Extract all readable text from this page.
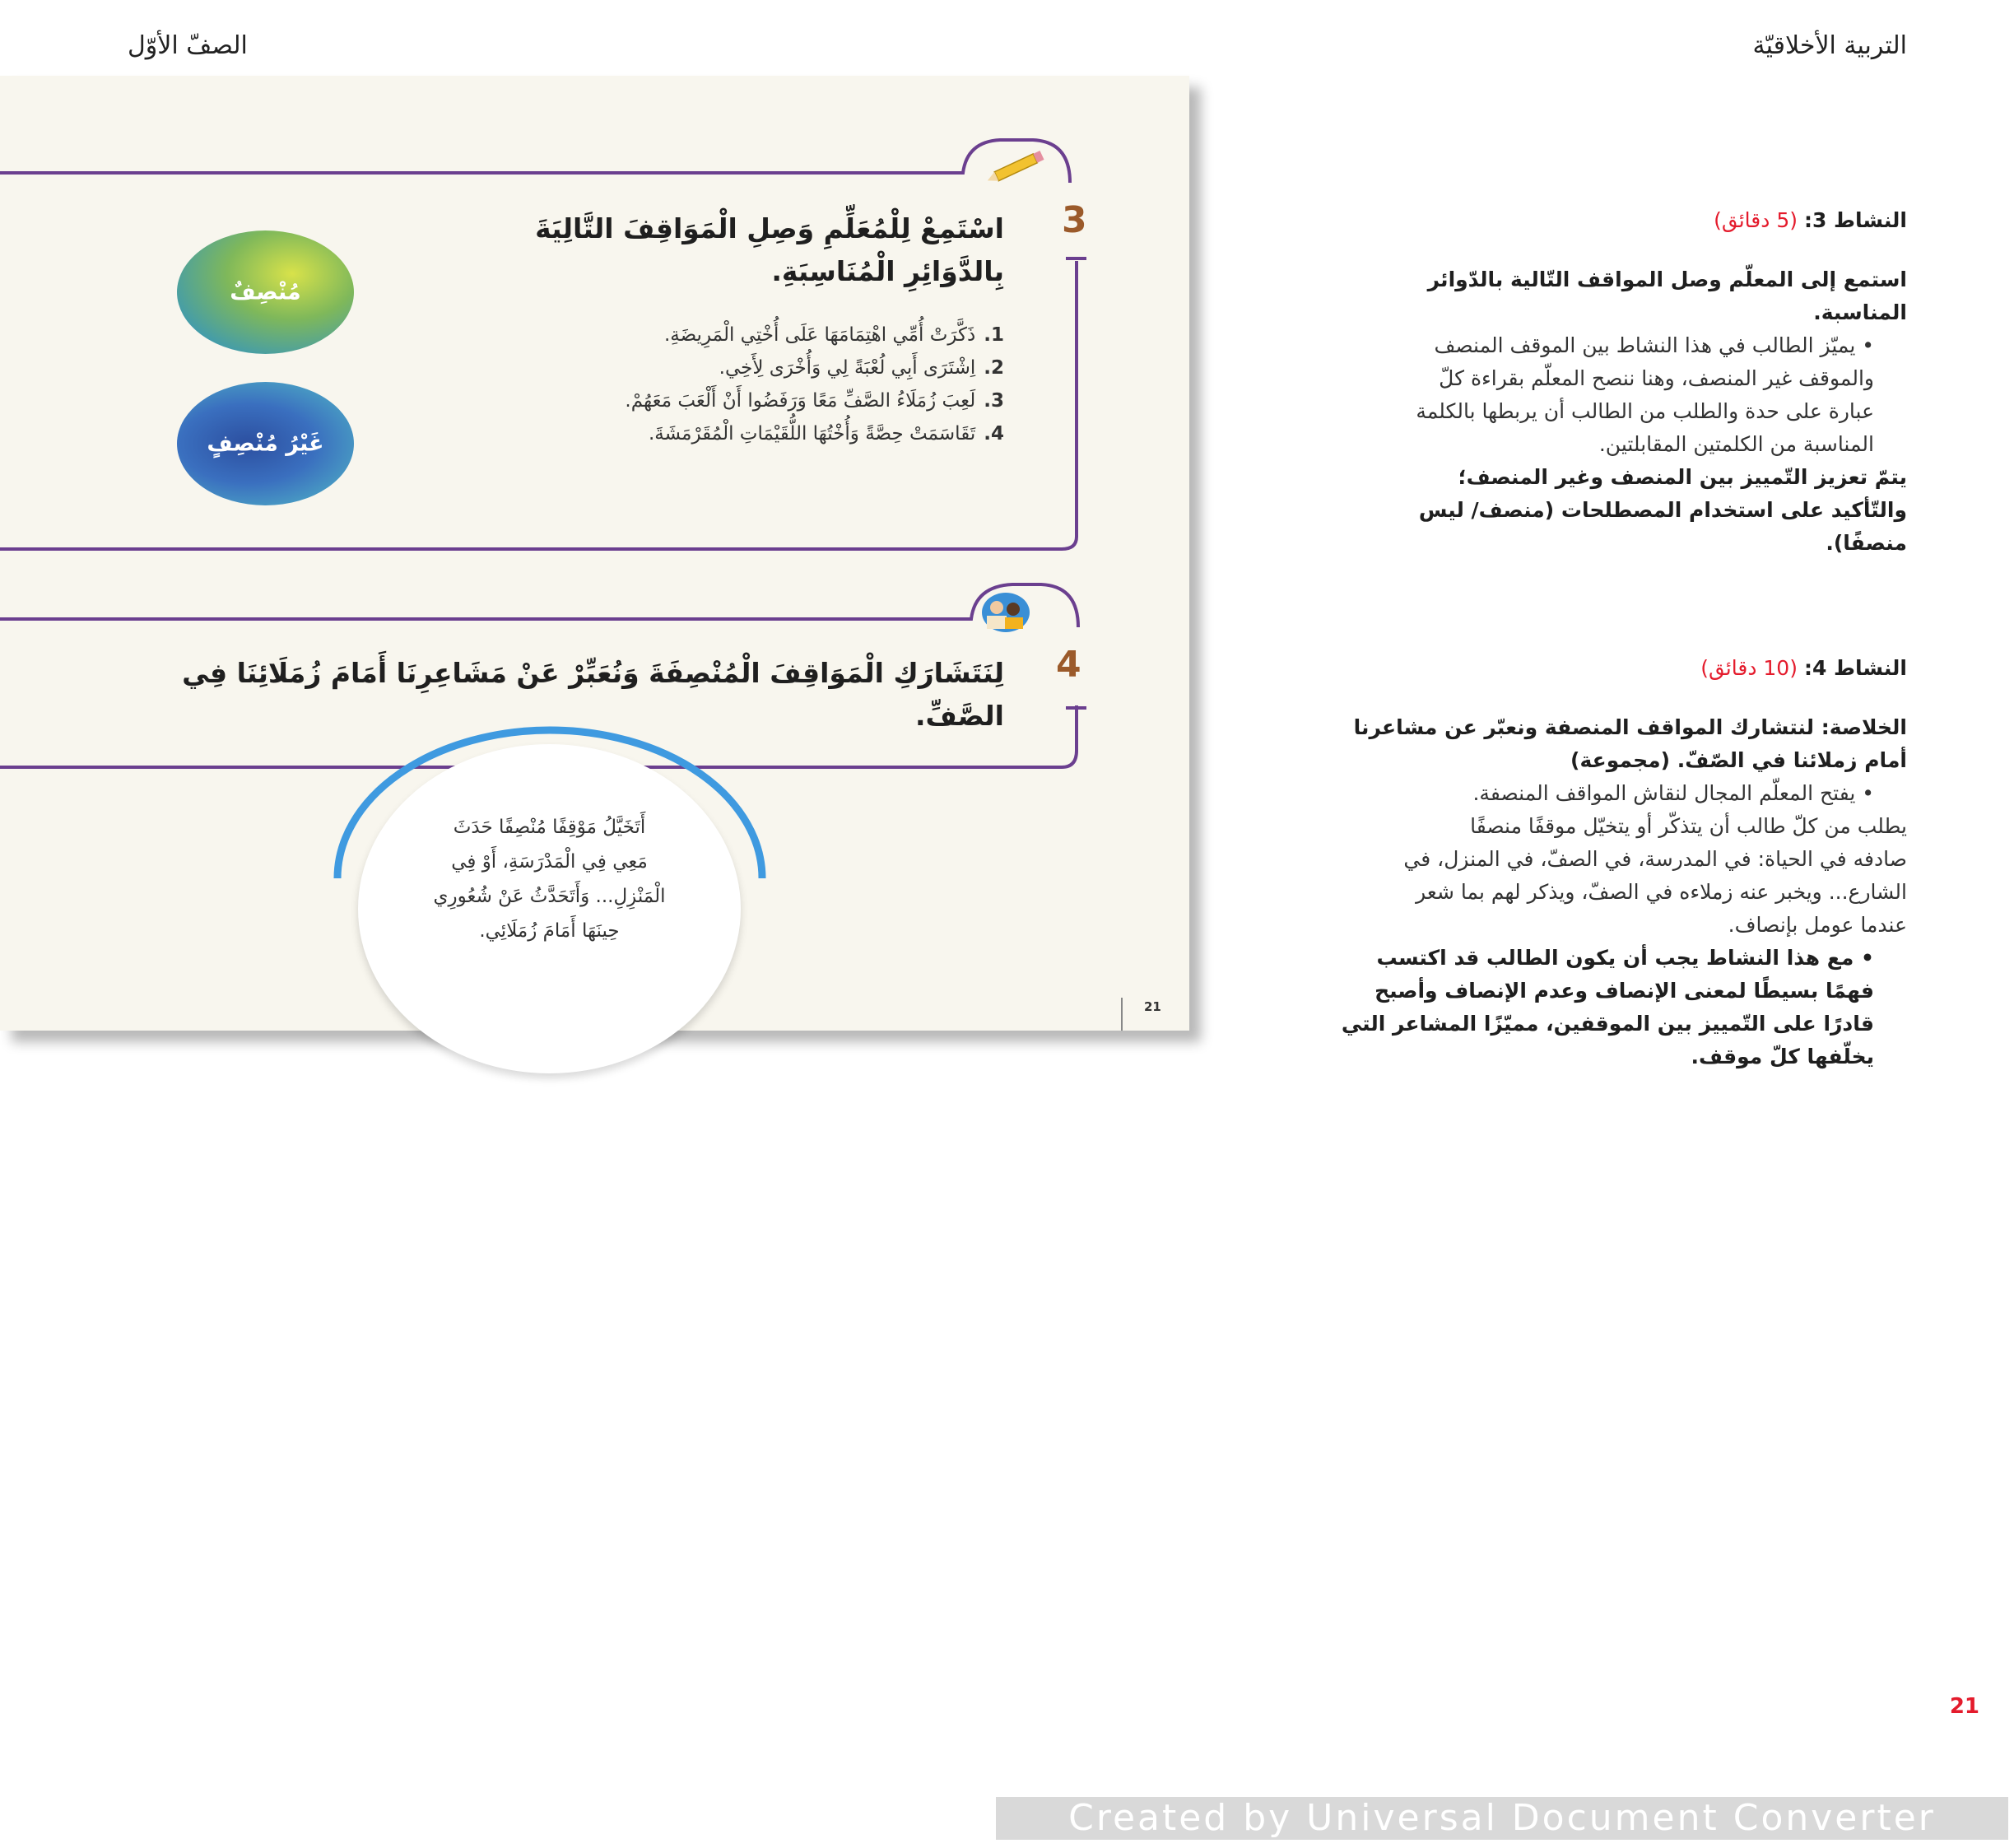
التربية الأخلاقيّة
الصفّ الأوّل
3
اسْتَمِعْ لِلْمُعَلِّمِ وَصِلِ الْمَوَاقِفَ التَّالِيَةَ
بِالدَّوَائِرِ الْمُنَاسِبَةِ.
1.ذَكَّرَتْ أُمِّي اهْتِمَامَهَا عَلَى أُخْتِي الْمَرِيضَةِ.
2.اِشْتَرَى أَبِي لُعْبَةً لِي وَأُخْرَى لِأَخِي.
3.لَعِبَ زُمَلَاءُ الصَّفِّ مَعًا وَرَفَضُوا أَنْ أَلْعَبَ مَعَهُمْ.
4.تَقَاسَمَتْ حِصَّةً وَأُخْتُهَا اللُّقَيْمَاتِ الْمُقَرْمَشَةَ.
مُنْصِفٌ
غَيْرُ مُنْصِفٍ
4
لِنَتَشَارَكِ الْمَوَاقِفَ الْمُنْصِفَةَ وَنُعَبِّرْ عَنْ مَشَاعِرِنَا أَمَامَ زُمَلَائِنَا فِي
الصَّفِّ.
أَتَخَيَّلُ مَوْقِفًا مُنْصِفًا حَدَثَ
مَعِي فِي الْمَدْرَسَةِ، أَوْ فِي
الْمَنْزِلِ... وَأَتَحَدَّثُ عَنْ شُعُورِي
حِينَهَا أَمَامَ زُمَلَائِي.
21
النشاط 3: (5 دقائق)
استمع إلى المعلّم وصل المواقف التّالية بالدّوائر
المناسبة.
• يميّز الطالب في هذا النشاط بين الموقف المنصف
والموقف غير المنصف، وهنا ننصح المعلّم بقراءة كلّ
عبارة على حدة والطلب من الطالب أن يربطها بالكلمة
المناسبة من الكلمتين المقابلتين.
يتمّ تعزيز التّمييز بين المنصف وغير المنصف؛
والتّأكيد على استخدام المصطلحات (منصف/ ليس
منصفًا).
النشاط 4: (10 دقائق)
الخلاصة: لنتشارك المواقف المنصفة ونعبّر عن مشاعرنا
أمام زملائنا في الصّفّ. (مجموعة)
• يفتح المعلّم المجال لنقاش المواقف المنصفة.
يطلب من كلّ طالب أن يتذكّر أو يتخيّل موقفًا منصفًا
صادفه في الحياة: في المدرسة، في الصفّ، في المنزل، في
الشارع... ويخبر عنه زملاءه في الصفّ، ويذكر لهم بما شعر
عندما عومل بإنصاف.
• مع هذا النشاط يجب أن يكون الطالب قد اكتسب
فهمًا بسيطًا لمعنى الإنصاف وعدم الإنصاف وأصبح
قادرًا على التّمييز بين الموقفين، مميّزًا المشاعر التي
يخلّفها كلّ موقف.
21
Created by Universal Document Converter
